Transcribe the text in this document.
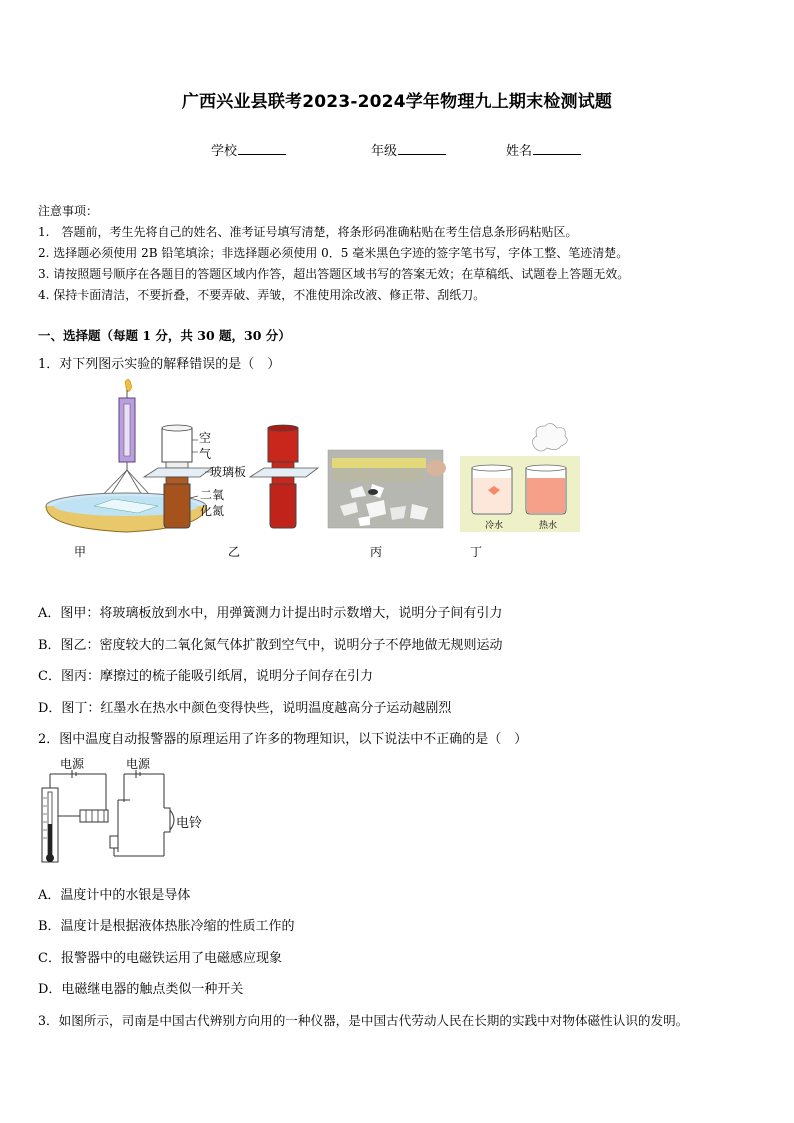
广西兴业县联考2023-2024学年物理九上期末检测试题
学校	年级	姓名
注意事项：
1.　答题前，考生先将自己的姓名、准考证号填写清楚，将条形码准确粘贴在考生信息条形码粘贴区。
2. 选择题必须使用 2B 铅笔填涂；非选择题必须使用 0．5 毫米黑色字迹的签字笔书写，字体工整、笔迹清楚。
3. 请按照题号顺序在各题目的答题区域内作答，超出答题区域书写的答案无效；在草稿纸、试题卷上答题无效。
4. 保持卡面清洁，不要折叠，不要弄破、弄皱，不准使用涂改液、修正带、刮纸刀。
一、选择题（每题 1 分，共 30 题，30 分）
1．对下列图示实验的解释错误的是（　）
空
气
玻璃板
二氧
化氮
冷水	热水
甲	乙	丙	丁
A．图甲：将玻璃板放到水中，用弹簧测力计提出时示数增大，说明分子间有引力
B．图乙：密度较大的二氧化氮气体扩散到空气中，说明分子不停地做无规则运动
C．图丙：摩擦过的梳子能吸引纸屑，说明分子间存在引力
D．图丁：红墨水在热水中颜色变得快些，说明温度越高分子运动越剧烈
2．图中温度自动报警器的原理运用了许多的物理知识，以下说法中不正确的是（　）
电源	电源
电铃
A．温度计中的水银是导体
B．温度计是根据液体热胀冷缩的性质工作的
C．报警器中的电磁铁运用了电磁感应现象
D．电磁继电器的触点类似一种开关
3．如图所示，司南是中国古代辨别方向用的一种仪器，是中国古代劳动人民在长期的实践中对物体磁性认识的发明。
